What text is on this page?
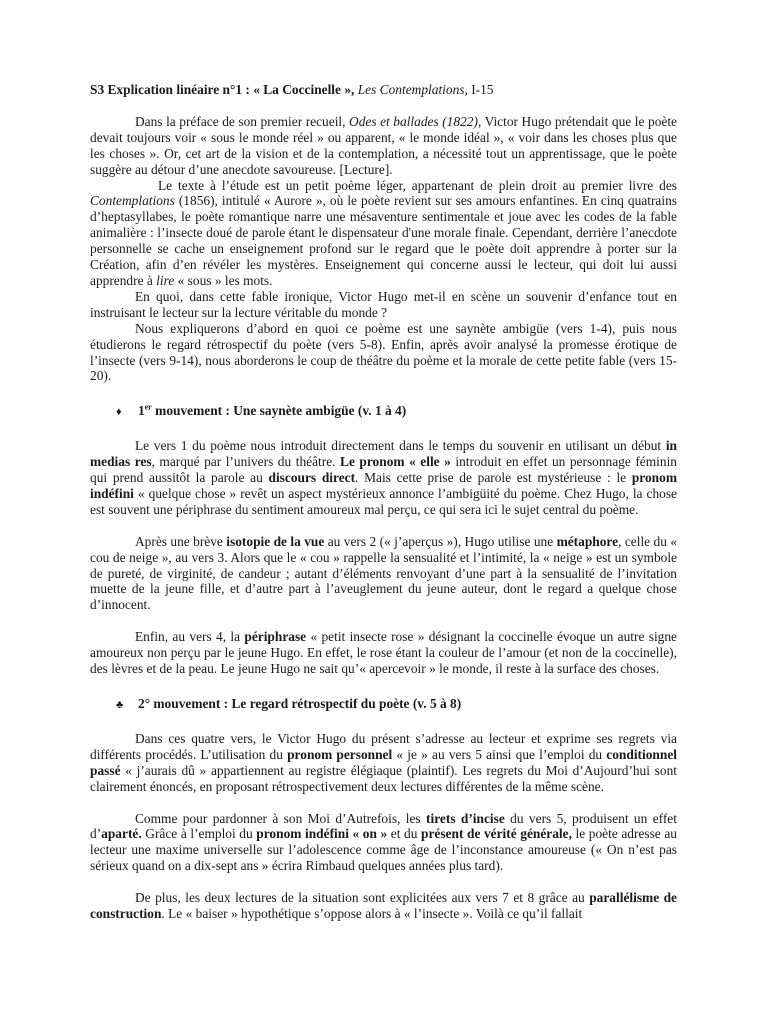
S3 Explication linéaire n°1 : « La Coccinelle », Les Contemplations, I-15

Dans la préface de son premier recueil, Odes et ballades (1822), Victor Hugo prétendait que le poète devait toujours voir « sous le monde réel » ou apparent, « le monde idéal », « voir dans les choses plus que les choses ». Or, cet art de la vision et de la contemplation, a nécessité tout un apprentissage, que le poète suggère au détour d’une anecdote savoureuse. [Lecture].

Le texte à l’étude est un petit poème léger, appartenant de plein droit au premier livre des Contemplations (1856), intitulé « Aurore », où le poète revient sur ses amours enfantines. En cinq quatrains d’heptasyllabes, le poète romantique narre une mésaventure sentimentale et joue avec les codes de la fable animalière : l’insecte doué de parole étant le dispensateur d'une morale finale. Cependant, derrière l’anecdote personnelle se cache un enseignement profond sur le regard que le poète doit apprendre à porter sur la Création, afin d’en révéler les mystères. Enseignement qui concerne aussi le lecteur, qui doit lui aussi apprendre à lire « sous » les mots.

En quoi, dans cette fable ironique, Victor Hugo met-il en scène un souvenir d’enfance tout en instruisant le lecteur sur la lecture véritable du monde ?

Nous expliquerons d’abord en quoi ce poème est une saynète ambigüe (vers 1-4), puis nous étudierons le regard rétrospectif du poète (vers 5-8). Enfin, après avoir analysé la promesse érotique de l’insecte (vers 9-14), nous aborderons le coup de théâtre du poème et la morale de cette petite fable (vers 15-20).

♦	1er mouvement : Une saynète ambigüe (v. 1 à 4)

Le vers 1 du poème nous introduit directement dans le temps du souvenir en utilisant un début in medias res, marqué par l’univers du théâtre. Le pronom « elle » introduit en effet un personnage féminin qui prend aussitôt la parole au discours direct. Mais cette prise de parole est mystérieuse : le pronom indéfini « quelque chose » revêt un aspect mystérieux annonce l’ambigüité du poème. Chez Hugo, la chose est souvent une périphrase du sentiment amoureux mal perçu, ce qui sera ici le sujet central du poème.

Après une brève isotopie de la vue au vers 2 (« j’aperçus »), Hugo utilise une métaphore, celle du « cou de neige », au vers 3. Alors que le « cou » rappelle la sensualité et l’intimité, la « neige » est un symbole de pureté, de virginité, de candeur ; autant d’éléments renvoyant d’une part à la sensualité de l’invitation muette de la jeune fille, et d’autre part à l’aveuglement du jeune auteur, dont le regard a quelque chose d’innocent.

Enfin, au vers 4, la périphrase « petit insecte rose » désignant la coccinelle évoque un autre signe amoureux non perçu par le jeune Hugo. En effet, le rose étant la couleur de l’amour (et non de la coccinelle), des lèvres et de la peau. Le jeune Hugo ne sait qu’« apercevoir » le monde, il reste à la surface des choses.

♣	2° mouvement : Le regard rétrospectif du poète (v. 5 à 8)

Dans ces quatre vers, le Victor Hugo du présent s’adresse au lecteur et exprime ses regrets via différents procédés. L’utilisation du pronom personnel « je » au vers 5 ainsi que l’emploi du conditionnel passé « j’aurais dû » appartiennent au registre élégiaque (plaintif). Les regrets du Moi d’Aujourd’hui sont clairement énoncés, en proposant rétrospectivement deux lectures différentes de la même scène.

Comme pour pardonner à son Moi d’Autrefois, les tirets d’incise du vers 5, produisent un effet d’aparté. Grâce à l’emploi du pronom indéfini « on » et du présent de vérité générale, le poète adresse au lecteur une maxime universelle sur l’adolescence comme âge de l’inconstance amoureuse (« On n’est pas sérieux quand on a dix-sept ans » écrira Rimbaud quelques années plus tard).

De plus, les deux lectures de la situation sont explicitées aux vers 7 et 8 grâce au parallélisme de construction. Le « baiser » hypothétique s’oppose alors à « l’insecte ». Voilà ce qu’il fallait
